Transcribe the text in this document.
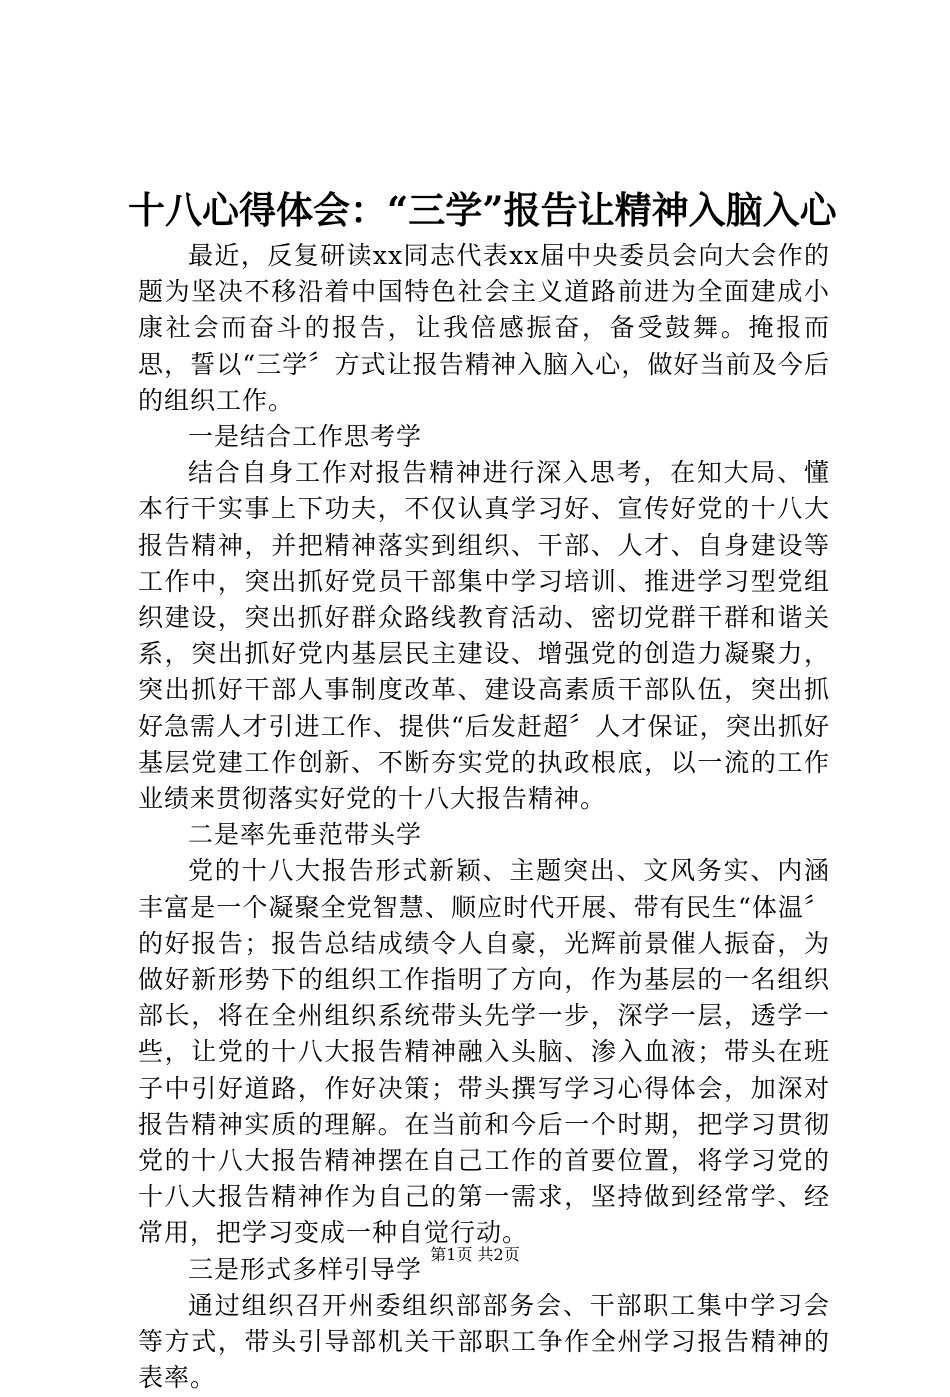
十八心得体会：“三学”报告让精神入脑入心

最近，反复研读xx同志代表xx届中央委员会向大会作的题为坚决不移沿着中国特色社会主义道路前进为全面建成小康社会而奋斗的报告，让我倍感振奋，备受鼓舞。掩报而思，誓以“三学〞方式让报告精神入脑入心，做好当前及今后的组织工作。

一是结合工作思考学

结合自身工作对报告精神进行深入思考，在知大局、懂本行干实事上下功夫，不仅认真学习好、宣传好党的十八大报告精神，并把精神落实到组织、干部、人才、自身建设等工作中，突出抓好党员干部集中学习培训、推进学习型党组织建设，突出抓好群众路线教育活动、密切党群干群和谐关系，突出抓好党内基层民主建设、增强党的创造力凝聚力，突出抓好干部人事制度改革、建设高素质干部队伍，突出抓好急需人才引进工作、提供“后发赶超〞人才保证，突出抓好基层党建工作创新、不断夯实党的执政根底，以一流的工作业绩来贯彻落实好党的十八大报告精神。

二是率先垂范带头学

党的十八大报告形式新颖、主题突出、文风务实、内涵丰富是一个凝聚全党智慧、顺应时代开展、带有民生“体温〞的好报告；报告总结成绩令人自豪，光辉前景催人振奋，为做好新形势下的组织工作指明了方向，作为基层的一名组织部长，将在全州组织系统带头先学一步，深学一层，透学一些，让党的十八大报告精神融入头脑、渗入血液；带头在班子中引好道路，作好决策；带头撰写学习心得体会，加深对报告精神实质的理解。在当前和今后一个时期，把学习贯彻党的十八大报告精神摆在自己工作的首要位置，将学习党的十八大报告精神作为自己的第一需求，坚持做到经常学、经常用，把学习变成一种自觉行动。

三是形式多样引导学

通过组织召开州委组织部部务会、干部职工集中学习会等方式，带头引导部机关干部职工争作全州学习报告精神的表率。

第1页 共2页
